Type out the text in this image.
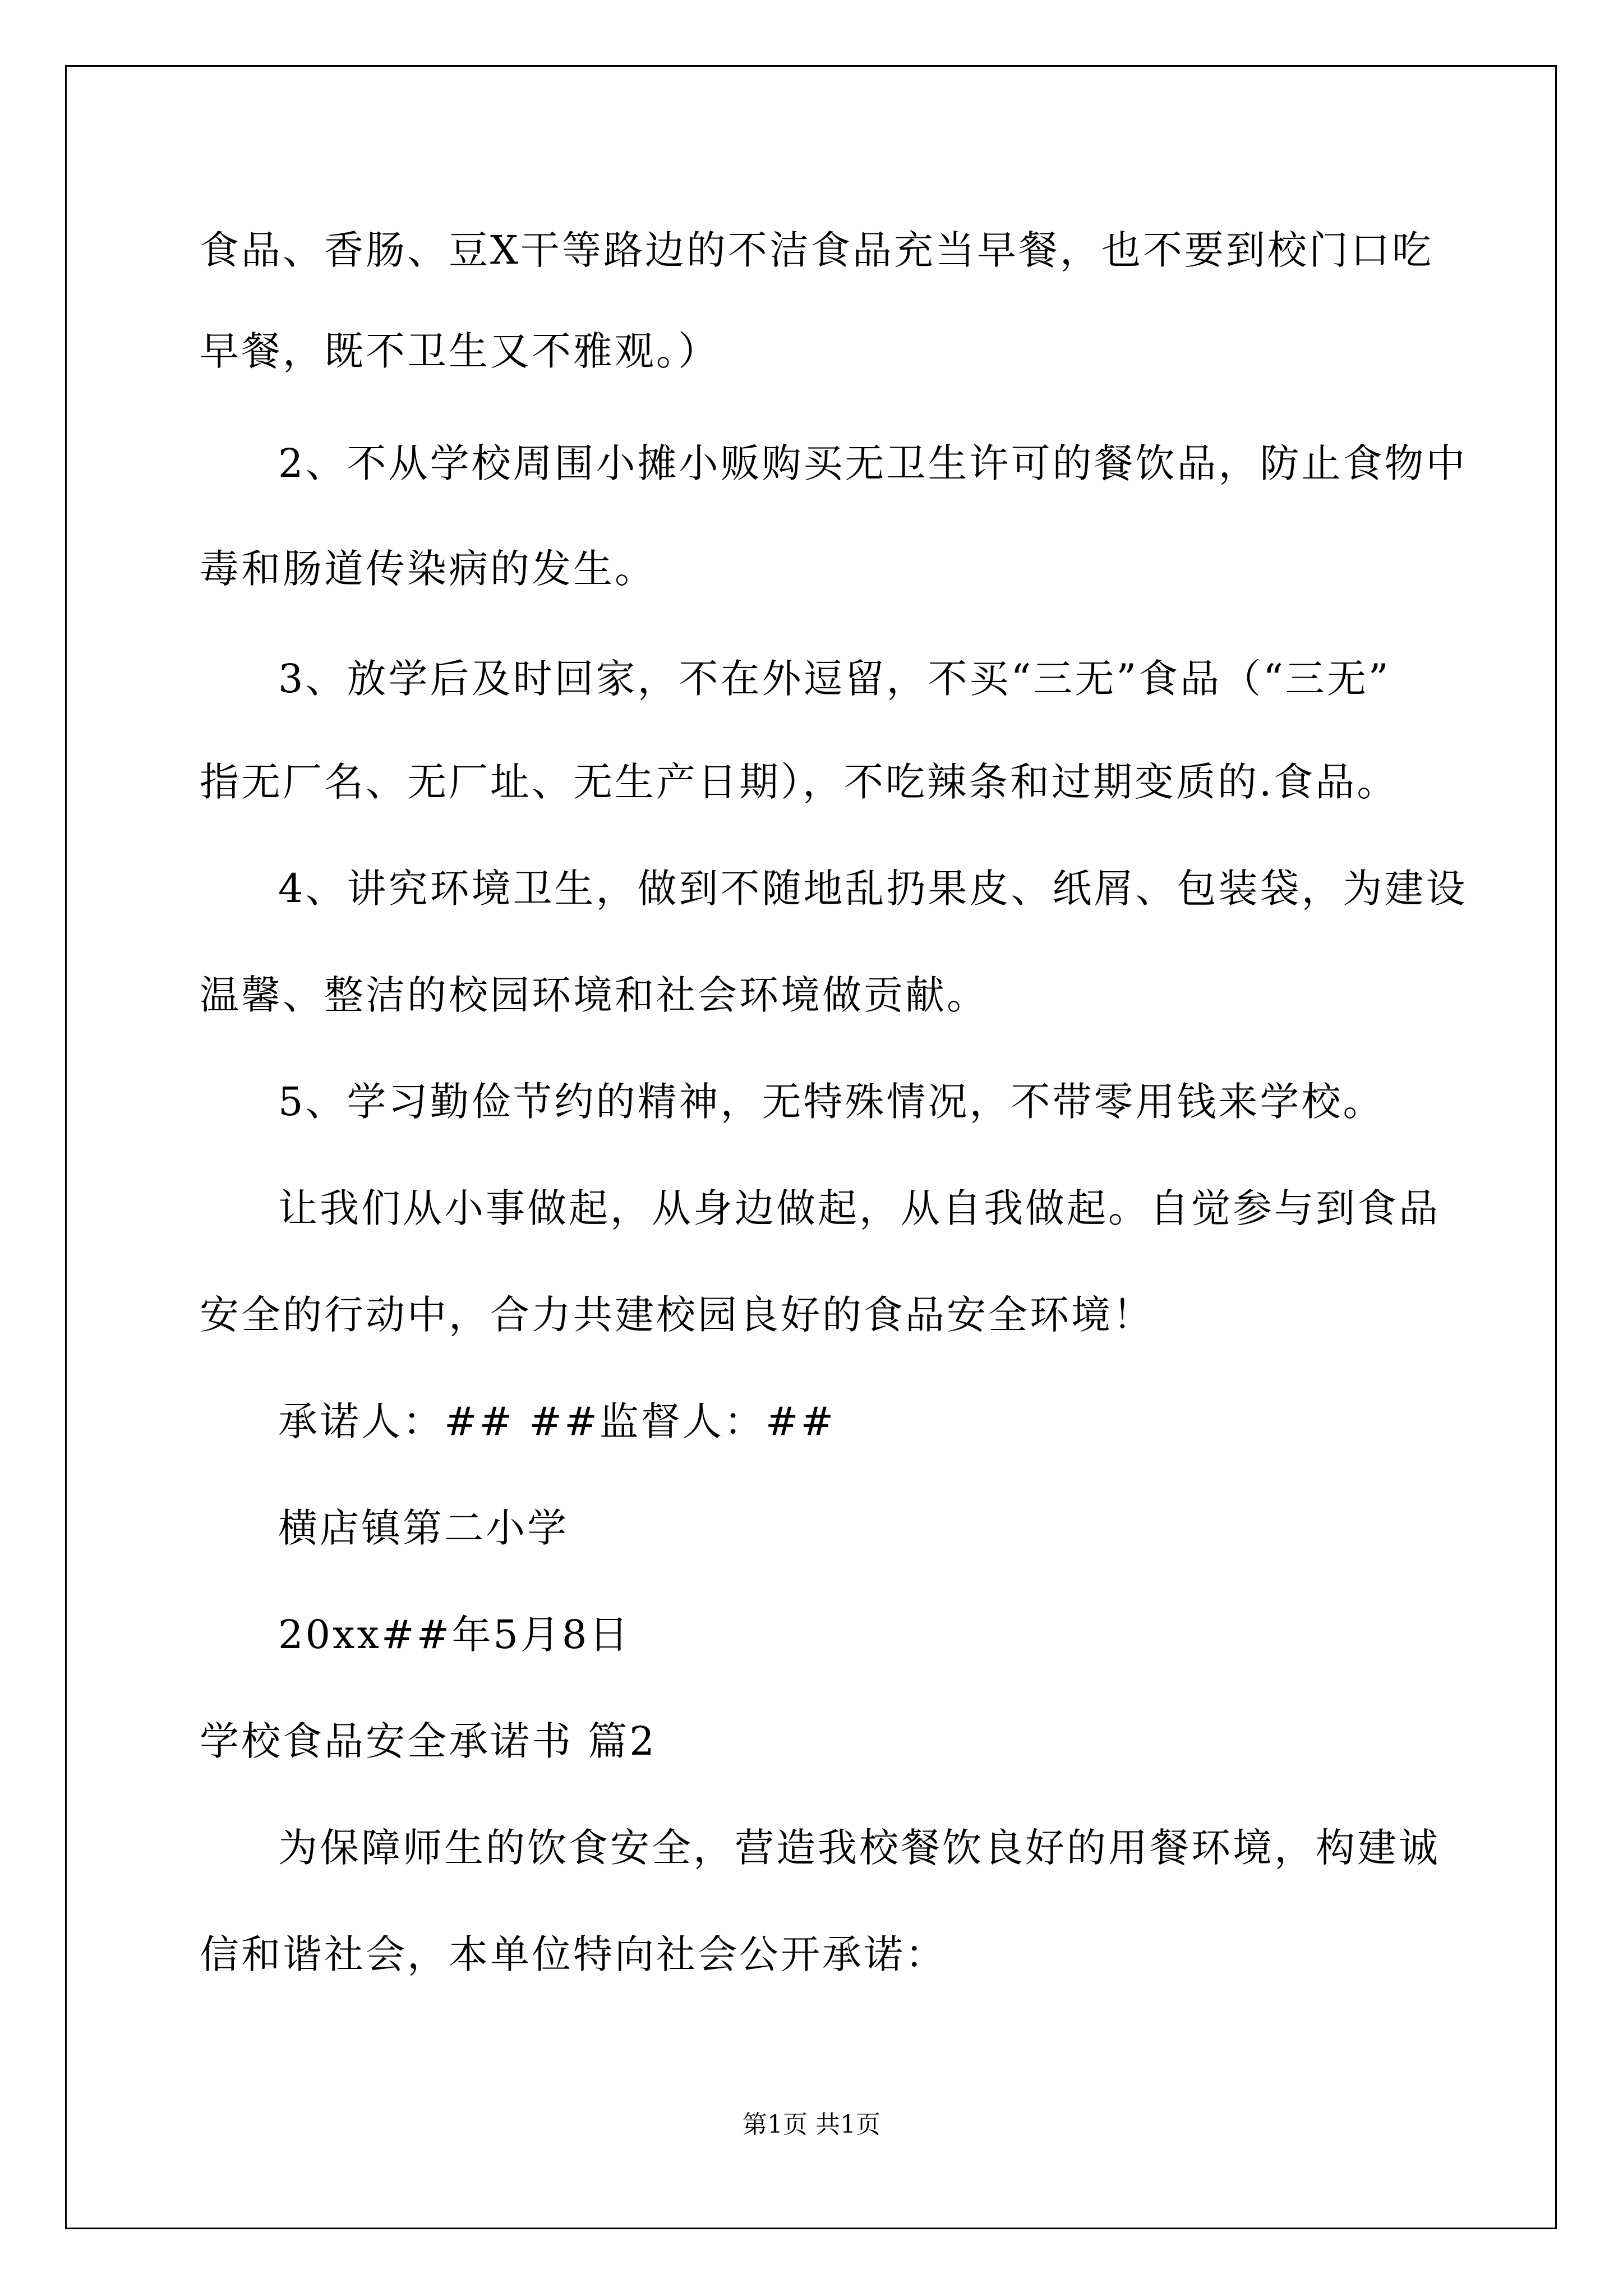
食品、香肠、豆X干等路边的不洁食品充当早餐，也不要到校门口吃
早餐，既不卫生又不雅观。）
2、不从学校周围小摊小贩购买无卫生许可的餐饮品，防止食物中
毒和肠道传染病的发生。
3、放学后及时回家，不在外逗留，不买“三无”食品（“三无”
指无厂名、无厂址、无生产日期），不吃辣条和过期变质的.食品。
4、讲究环境卫生，做到不随地乱扔果皮、纸屑、包装袋，为建设
温馨、整洁的校园环境和社会环境做贡献。
5、学习勤俭节约的精神，无特殊情况，不带零用钱来学校。
让我们从小事做起，从身边做起，从自我做起。自觉参与到食品
安全的行动中，合力共建校园良好的食品安全环境！
承诺人：## ##监督人：##
横店镇第二小学
20xx##年5月8日
学校食品安全承诺书 篇2
为保障师生的饮食安全，营造我校餐饮良好的用餐环境，构建诚
信和谐社会，本单位特向社会公开承诺：
第1页 共1页
